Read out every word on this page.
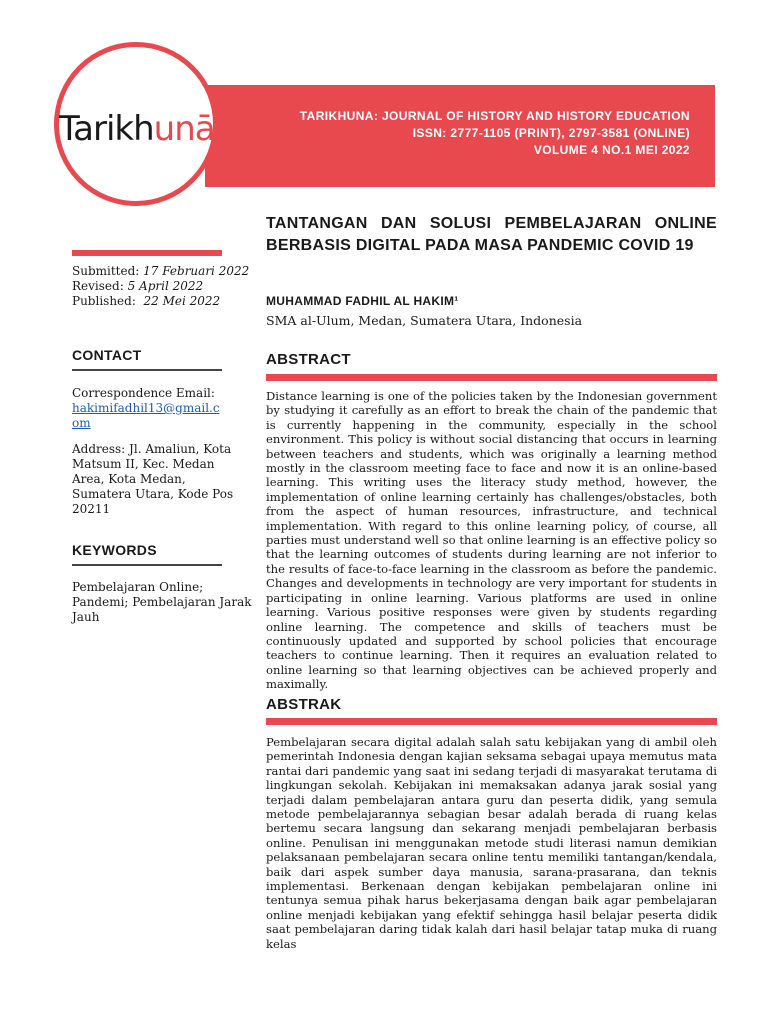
TARIKHUNA: JOURNAL OF HISTORY AND HISTORY EDUCATION
ISSN: 2777-1105 (PRINT), 2797-3581 (ONLINE)
VOLUME 4 NO.1 MEI 2022
Tarikhunā
Submitted: 17 Februari 2022
Revised: 5 April 2022
Published: 22 Mei 2022
CONTACT
Correspondence Email:
hakimifadhil13@gmail.com
Address: Jl. Amaliun, Kota Matsum II, Kec. Medan Area, Kota Medan, Sumatera Utara, Kode Pos 20211
KEYWORDS
Pembelajaran Online; Pandemi; Pembelajaran Jarak Jauh
TANTANGAN DAN SOLUSI PEMBELAJARAN ONLINE BERBASIS DIGITAL PADA MASA PANDEMIC COVID 19
MUHAMMAD FADHIL AL HAKIM¹
SMA al-Ulum, Medan, Sumatera Utara, Indonesia
ABSTRACT
Distance learning is one of the policies taken by the Indonesian government by studying it carefully as an effort to break the chain of the pandemic that is currently happening in the community, especially in the school environment. This policy is without social distancing that occurs in learning between teachers and students, which was originally a learning method mostly in the classroom meeting face to face and now it is an online-based learning. This writing uses the literacy study method, however, the implementation of online learning certainly has challenges/obstacles, both from the aspect of human resources, infrastructure, and technical implementation. With regard to this online learning policy, of course, all parties must understand well so that online learning is an effective policy so that the learning outcomes of students during learning are not inferior to the results of face-to-face learning in the classroom as before the pandemic. Changes and developments in technology are very important for students in participating in online learning. Various platforms are used in online learning. Various positive responses were given by students regarding online learning. The competence and skills of teachers must be continuously updated and supported by school policies that encourage teachers to continue learning. Then it requires an evaluation related to online learning so that learning objectives can be achieved properly and maximally.
ABSTRAK
Pembelajaran secara digital adalah salah satu kebijakan yang di ambil oleh pemerintah Indonesia dengan kajian seksama sebagai upaya memutus mata rantai dari pandemic yang saat ini sedang terjadi di masyarakat terutama di lingkungan sekolah. Kebijakan ini memaksakan adanya jarak sosial yang terjadi dalam pembelajaran antara guru dan peserta didik, yang semula metode pembelajarannya sebagian besar adalah berada di ruang kelas bertemu secara langsung dan sekarang menjadi pembelajaran berbasis online. Penulisan ini menggunakan metode studi literasi namun demikian pelaksanaan pembelajaran secara online tentu memiliki tantangan/kendala, baik dari aspek sumber daya manusia, sarana-prasarana, dan teknis implementasi. Berkenaan dengan kebijakan pembelajaran online ini tentunya semua pihak harus bekerjasama dengan baik agar pembelajaran online menjadi kebijakan yang efektif sehingga hasil belajar peserta didik saat pembelajaran daring tidak kalah dari hasil belajar tatap muka di ruang kelas
